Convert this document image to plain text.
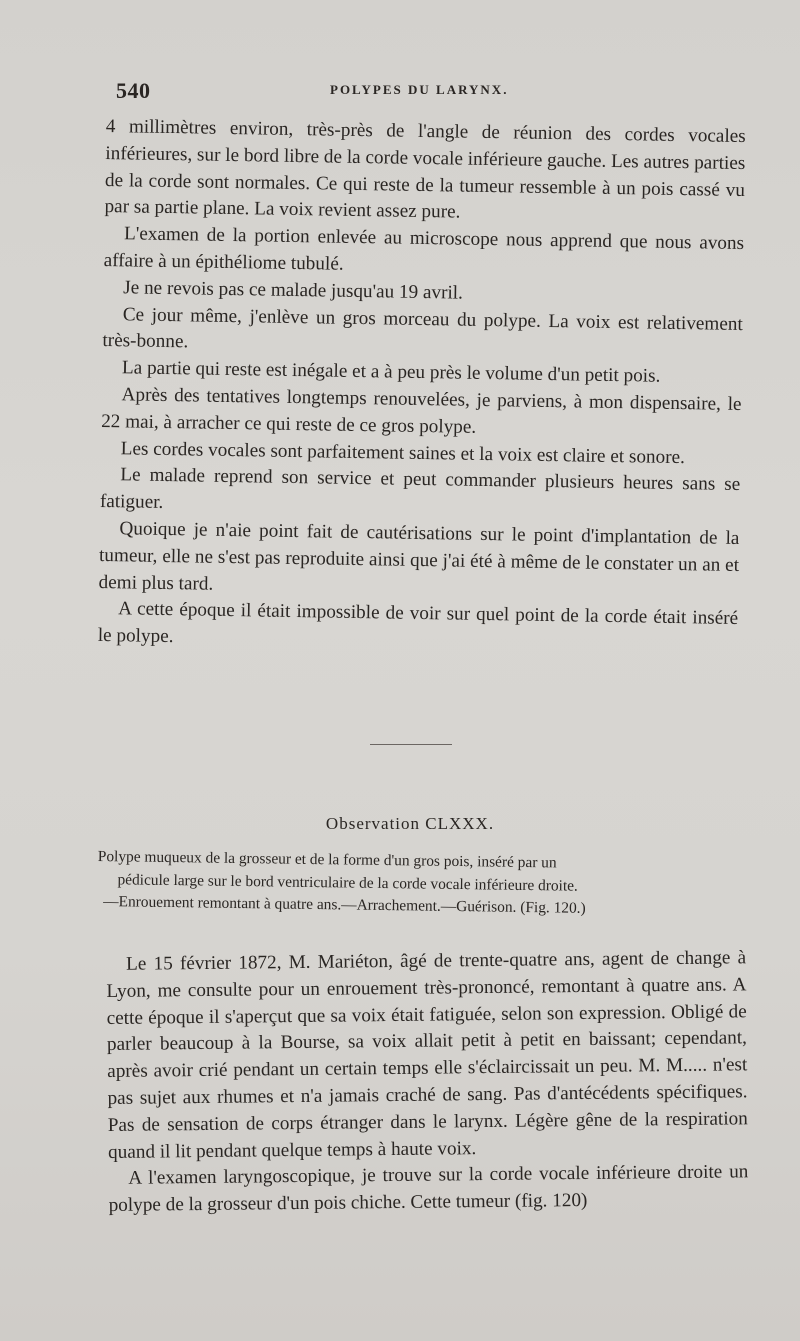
540	POLYPES DU LARYNX.

4 millimètres environ, très-près de l'angle de réunion des cordes vocales inférieures, sur le bord libre de la corde vocale inférieure gauche. Les autres parties de la corde sont normales. Ce qui reste de la tumeur ressemble à un pois cassé vu par sa partie plane. La voix revient assez pure.

L'examen de la portion enlevée au microscope nous apprend que nous avons affaire à un épithéliome tubulé.

Je ne revois pas ce malade jusqu'au 19 avril.

Ce jour même, j'enlève un gros morceau du polype. La voix est relativement très-bonne.

La partie qui reste est inégale et a à peu près le volume d'un petit pois.

Après des tentatives longtemps renouvelées, je parviens, à mon dispensaire, le 22 mai, à arracher ce qui reste de ce gros polype.

Les cordes vocales sont parfaitement saines et la voix est claire et sonore.

Le malade reprend son service et peut commander plusieurs heures sans se fatiguer.

Quoique je n'aie point fait de cautérisations sur le point d'implantation de la tumeur, elle ne s'est pas reproduite ainsi que j'ai été à même de le constater un an et demi plus tard.

A cette époque il était impossible de voir sur quel point de la corde était inséré le polype.

Observation CLXXX.
Polype muqueux de la grosseur et de la forme d'un gros pois, inséré par un
pédicule large sur le bord ventriculaire de la corde vocale inférieure droite.
—Enrouement remontant à quatre ans.—Arrachement.—Guérison. (Fig. 120.)

Le 15 février 1872, M. Mariéton, âgé de trente-quatre ans, agent de change à Lyon, me consulte pour un enrouement très-prononcé, remontant à quatre ans. A cette époque il s'aperçut que sa voix était fatiguée, selon son expression. Obligé de parler beaucoup à la Bourse, sa voix allait petit à petit en baissant; cependant, après avoir crié pendant un certain temps elle s'éclaircissait un peu. M. M..... n'est pas sujet aux rhumes et n'a jamais craché de sang. Pas d'antécédents spécifiques. Pas de sensation de corps étranger dans le larynx. Légère gêne de la respiration quand il lit pendant quelque temps à haute voix.

A l'examen laryngoscopique, je trouve sur la corde vocale inférieure droite un polype de la grosseur d'un pois chiche. Cette tumeur (fig. 120)
